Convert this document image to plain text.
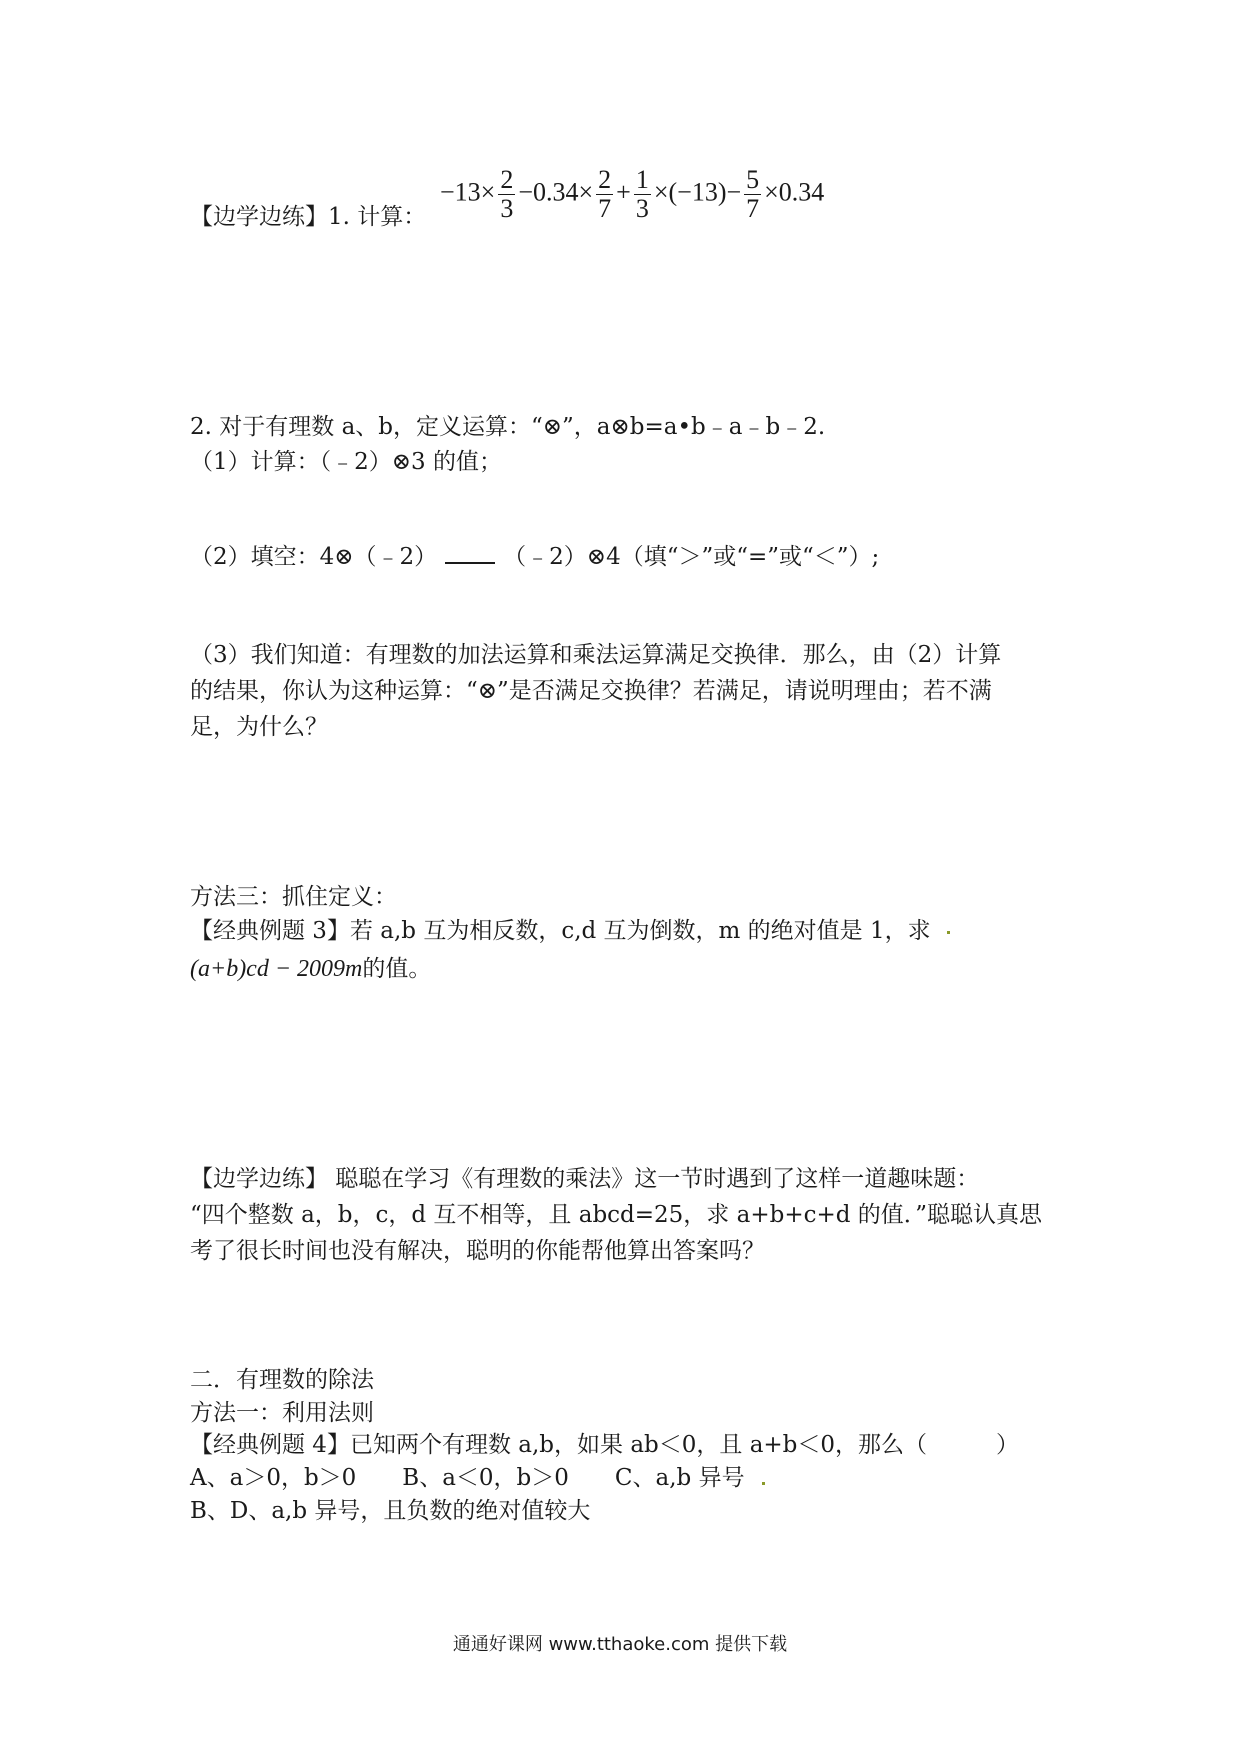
【边学边练】1. 计算：
$-13\times \frac{2}{3} -0.34\times \frac{2}{7} + \frac{1}{3} \times(-13)- \frac{5}{7} \times 0.34$
2. 对于有理数 a、b，定义运算：“⊗”，a⊗b=a•b﹣a﹣b﹣2.
（1）计算：（﹣2）⊗3 的值；
（2）填空：4⊗（﹣2）	（﹣2）⊗4（填“＞”或“=”或“＜”）;
（3）我们知道：有理数的加法运算和乘法运算满足交换律．那么，由（2）计算
的结果，你认为这种运算：“⊗”是否满足交换律？若满足，请说明理由；若不满
足，为什么？
方法三：抓住定义：
【经典例题 3】若 a,b 互为相反数，c,d 互为倒数，m 的绝对值是 1，求
(a+b)cd − 2009m的值。
【边学边练】 聪聪在学习《有理数的乘法》这一节时遇到了这样一道趣味题：
“四个整数 a，b，c，d 互不相等，且 abcd=25，求 a+b+c+d 的值．”聪聪认真思
考了很长时间也没有解决，聪明的你能帮他算出答案吗？
二．有理数的除法
方法一：利用法则
【经典例题 4】已知两个有理数 a,b，如果 ab＜0，且 a+b＜0，那么（　　　）
A、a＞0，b＞0　　B、a＜0，b＞0　　C、a,b 异号
B、D、a,b 异号，且负数的绝对值较大
通通好课网 www.tthaoke.com 提供下载
